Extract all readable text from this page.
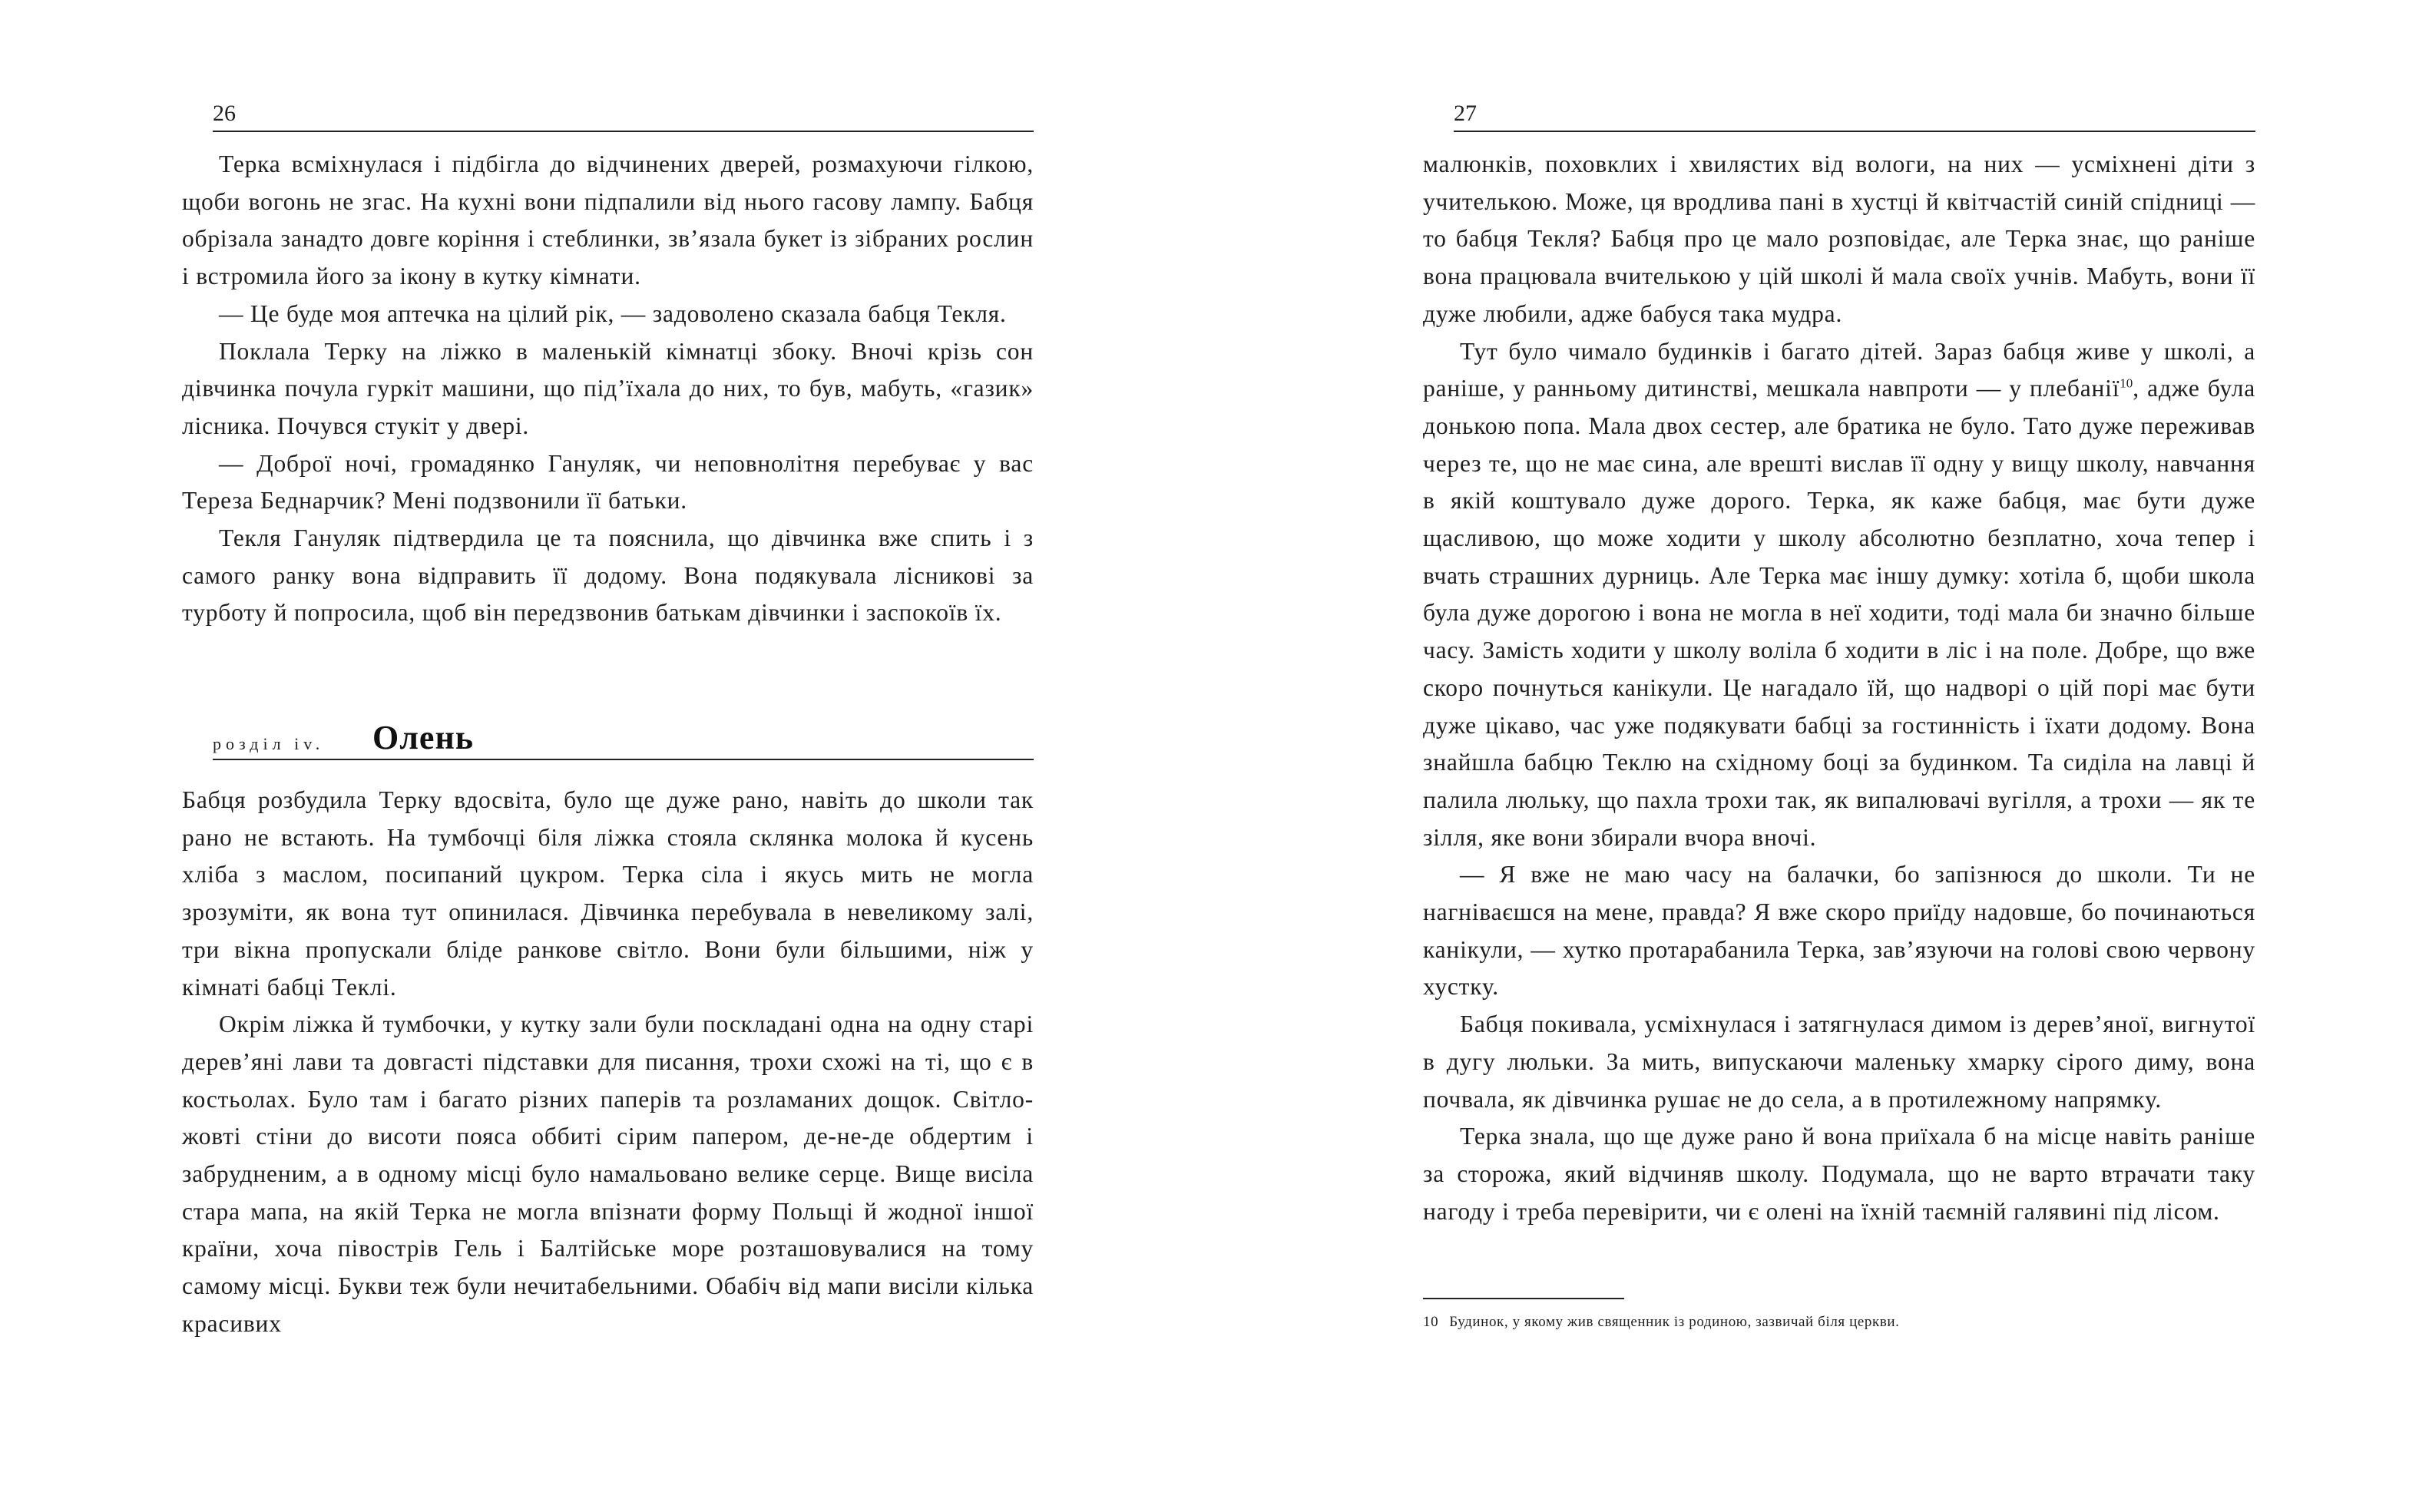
26

Терка всміхнулася і підбігла до відчинених дверей, розмахуючи гілкою, щоби вогонь не згас. На кухні вони підпалили від нього гасову лампу. Бабця обрізала занадто довге коріння і стеблинки, зв’язала букет із зібраних рослин і встромила його за ікону в кутку кімнати.

— Це буде моя аптечка на цілий рік, — задоволено сказала бабця Текля.

Поклала Терку на ліжко в маленькій кімнатці збоку. Вночі крізь сон дівчинка почула гуркіт машини, що під’їхала до них, то був, мабуть, «газик» лісника. Почувся стукіт у двері.

— Доброї ночі, громадянко Гануляк, чи неповнолітня перебуває у вас Тереза Беднарчик? Мені подзвонили її батьки.

Текля Гануляк підтвердила це та пояснила, що дівчинка вже спить і з самого ранку вона відправить її додому. Вона подякувала лісникові за турботу й попросила, щоб він передзвонив батькам дівчинки і заспокоїв їх.

розділ iv. Олень

Бабця розбудила Терку вдосвіта, було ще дуже рано, навіть до школи так рано не встають. На тумбочці біля ліжка стояла склянка молока й кусень хліба з маслом, посипаний цукром. Терка сіла і якусь мить не могла зрозуміти, як вона тут опинилася. Дівчинка перебувала в невеликому залі, три вікна пропускали бліде ранкове світло. Вони були більшими, ніж у кімнаті бабці Теклі.

Окрім ліжка й тумбочки, у кутку зали були поскладані одна на одну старі дерев’яні лави та довгасті підставки для писання, трохи схожі на ті, що є в костьолах. Було там і багато різних паперів та розламаних дощок. Світло-жовті стіни до висоти пояса оббиті сірим папером, де-не-де обдертим і забрудненим, а в одному місці було намальовано велике серце. Вище висіла стара мапа, на якій Терка не могла впізнати форму Польщі й жодної іншої країни, хоча півострів Гель і Балтійське море розташовувалися на тому самому місці. Букви теж були нечитабельними. Обабіч від мапи висіли кілька красивих

27

малюнків, поховклих і хвилястих від вологи, на них — усміхнені діти з учителькою. Може, ця вродлива пані в хустці й квітчастій синій спідниці — то бабця Текля? Бабця про це мало розповідає, але Терка знає, що раніше вона працювала вчителькою у цій школі й мала своїх учнів. Мабуть, вони її дуже любили, адже бабуся така мудра.

Тут було чимало будинків і багато дітей. Зараз бабця живе у школі, а раніше, у ранньому дитинстві, мешкала навпроти — у плебанії$^{10}$, адже була донькою попа. Мала двох сестер, але братика не було. Тато дуже переживав через те, що не має сина, але врешті вислав її одну у вищу школу, навчання в якій коштувало дуже дорого. Терка, як каже бабця, має бути дуже щасливою, що може ходити у школу абсолютно безплатно, хоча тепер і вчать страшних дурниць. Але Терка має іншу думку: хотіла б, щоби школа була дуже дорогою і вона не могла в неї ходити, тоді мала би значно більше часу. Замість ходити у школу воліла б ходити в ліс і на поле. Добре, що вже скоро почнуться канікули. Це нагадало їй, що надворі о цій порі має бути дуже цікаво, час уже подякувати бабці за гостинність і їхати додому. Вона знайшла бабцю Теклю на східному боці за будинком. Та сиділа на лавці й палила люльку, що пахла трохи так, як випалювачі вугілля, а трохи — як те зілля, яке вони збирали вчора вночі.

— Я вже не маю часу на балачки, бо запізнюся до школи. Ти не нагніваєшся на мене, правда? Я вже скоро приїду надовше, бо починаються канікули, — хутко протарабанила Терка, зав’язуючи на голові свою червону хустку.

Бабця покивала, усміхнулася і затягнулася димом із дерев’яної, вигнутої в дугу люльки. За мить, випускаючи маленьку хмарку сірого диму, вона почвала, як дівчинка рушає не до села, а в протилежному напрямку.

Терка знала, що ще дуже рано й вона приїхала б на місце навіть раніше за сторожа, який відчиняв школу. Подумала, що не варто втрачати таку нагоду і треба перевірити, чи є олені на їхній таємній галявині під лісом.

10 Будинок, у якому жив священник із родиною, зазвичай біля церкви.
